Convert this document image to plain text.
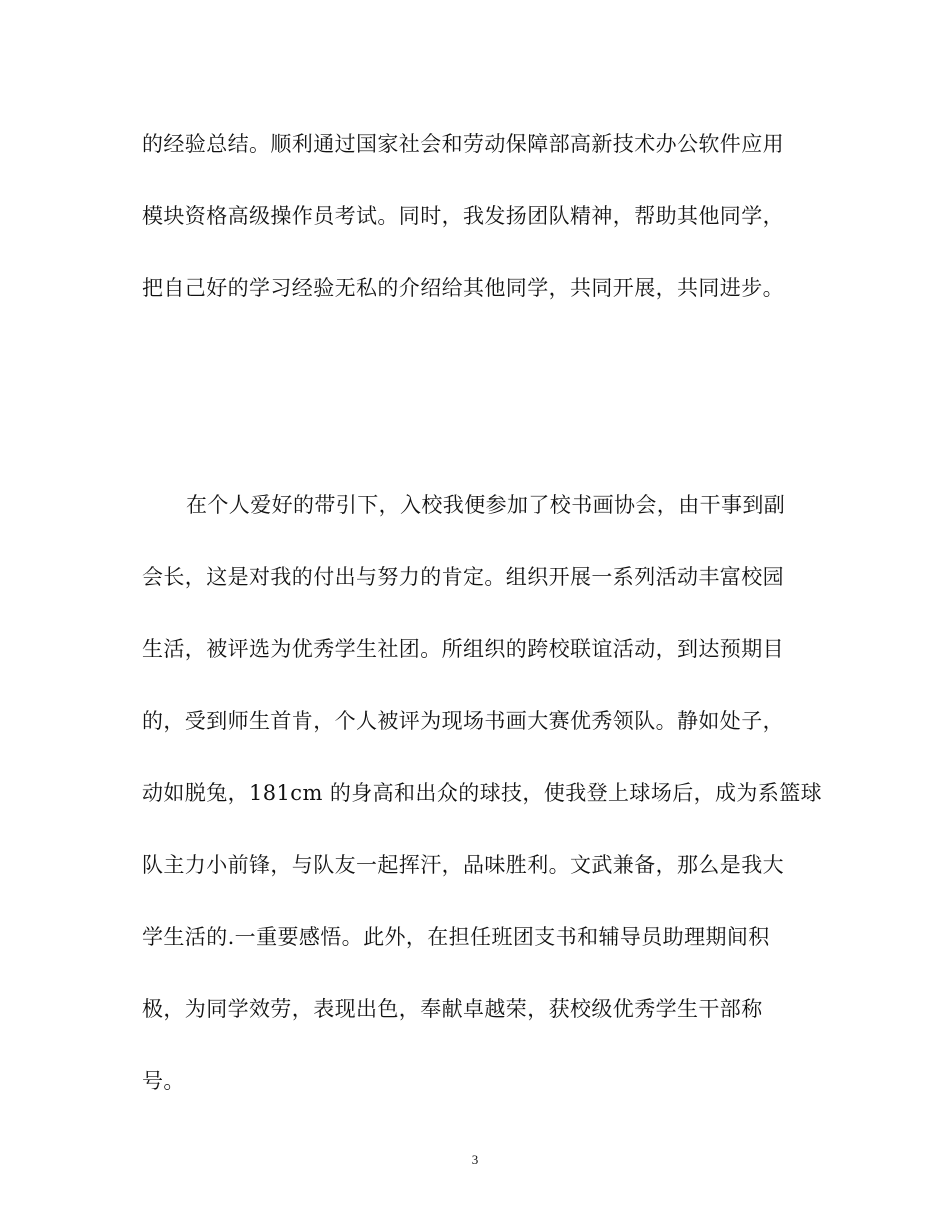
的经验总结。顺利通过国家社会和劳动保障部高新技术办公软件应用
模块资格高级操作员考试。同时，我发扬团队精神，帮助其他同学，
把自己好的学习经验无私的介绍给其他同学，共同开展，共同进步。
在个人爱好的带引下，入校我便参加了校书画协会，由干事到副
会长，这是对我的付出与努力的肯定。组织开展一系列活动丰富校园
生活，被评选为优秀学生社团。所组织的跨校联谊活动，到达预期目
的，受到师生首肯，个人被评为现场书画大赛优秀领队。静如处子，
动如脱兔，181cm 的身高和出众的球技，使我登上球场后，成为系篮球
队主力小前锋，与队友一起挥汗，品味胜利。文武兼备，那么是我大
学生活的.一重要感悟。此外，在担任班团支书和辅导员助理期间积
极，为同学效劳，表现出色，奉献卓越荣，获校级优秀学生干部称
号。
3
